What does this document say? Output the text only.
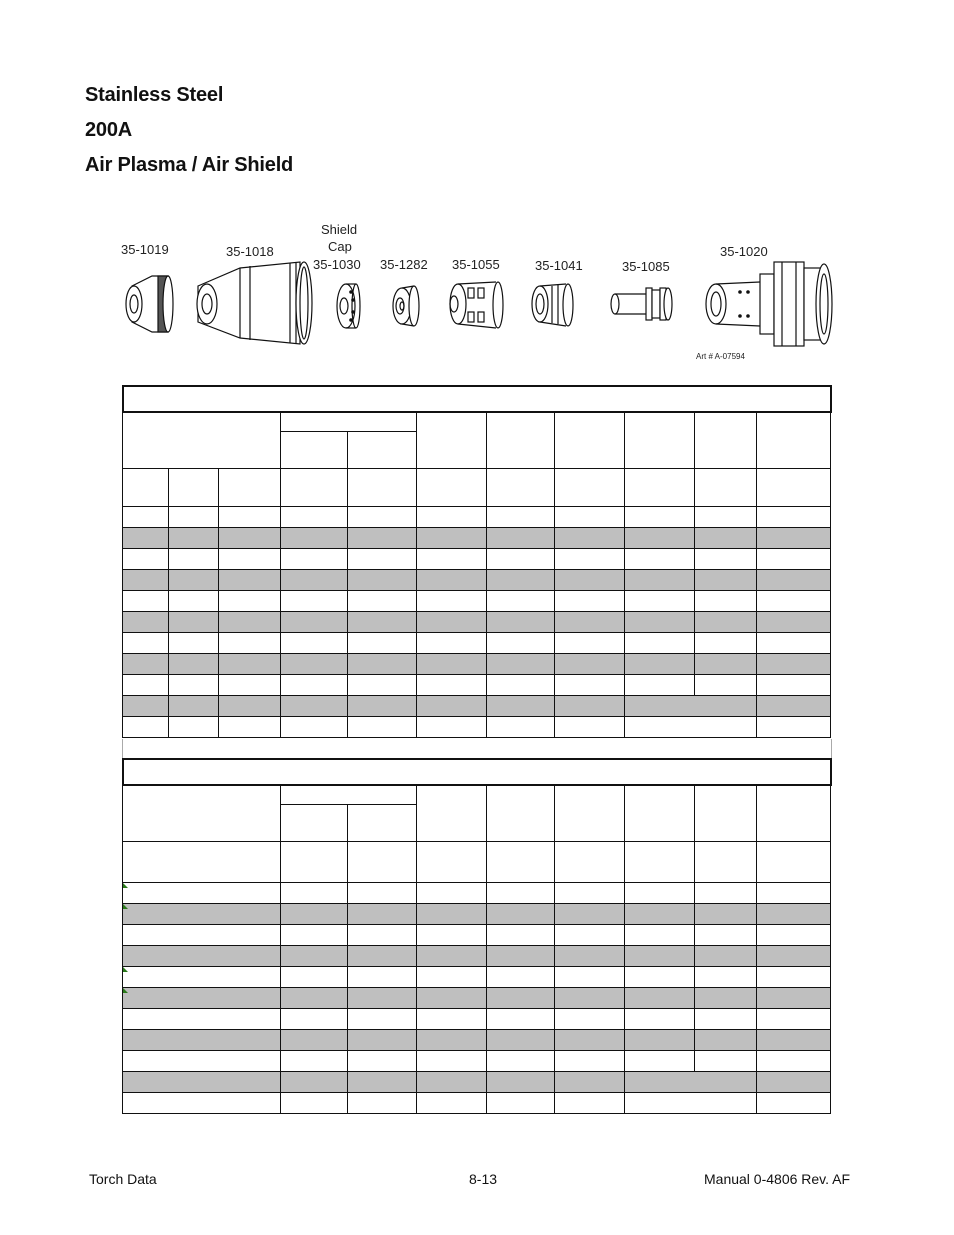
Stainless Steel
200A
Air Plasma / Air Shield
35-1019	35-1018
Shield
Cap
35-1030 35-1282 35-1055	35-1041	35-1085
35-1020
Art # A-07594

Torch Data	8-13	Manual 0-4806 Rev. AF
